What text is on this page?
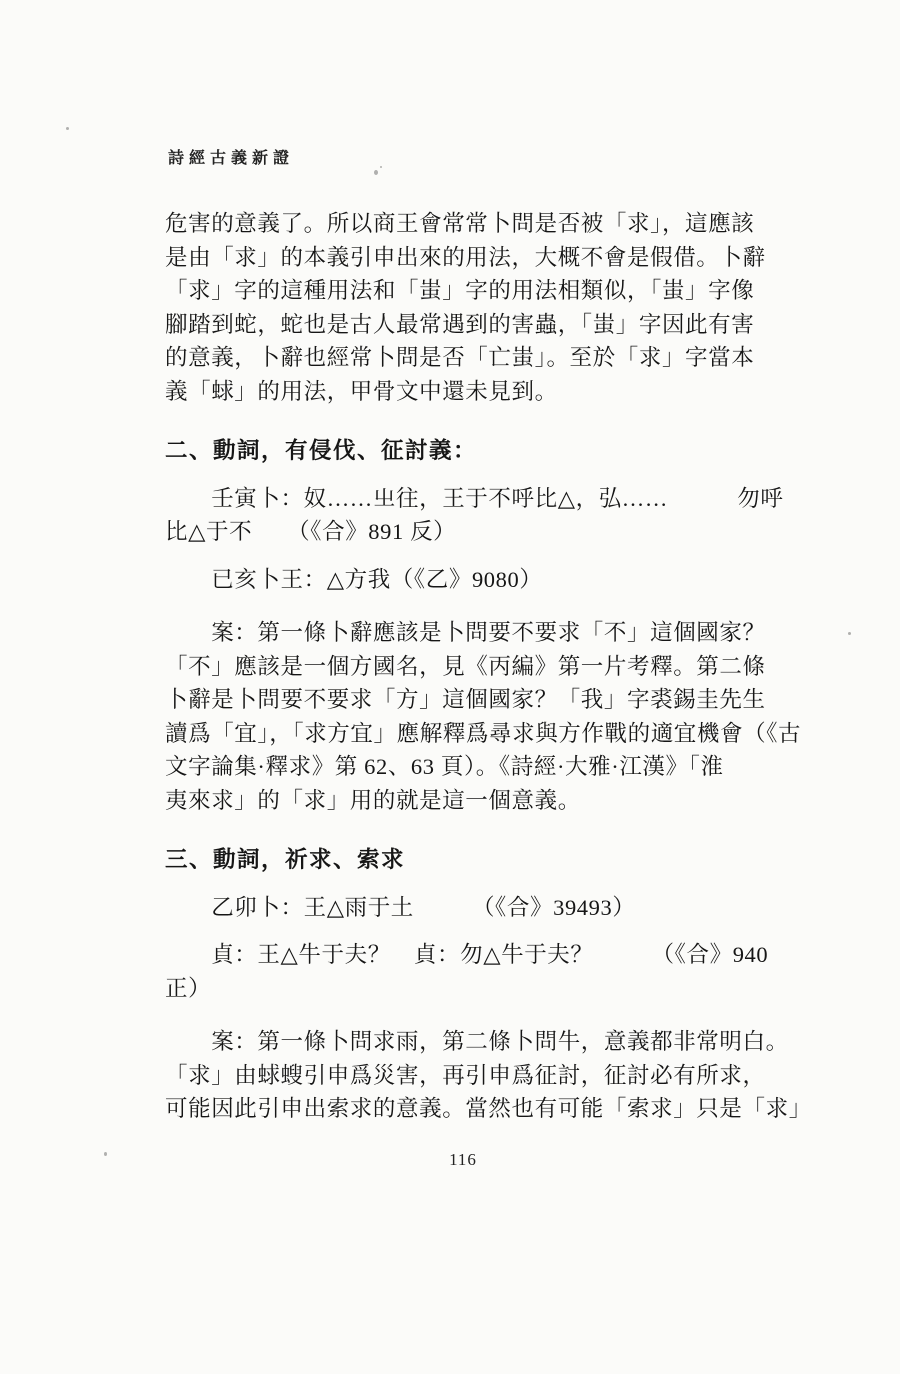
詩經古義新證
危害的意義了。所以商王會常常卜問是否被「求」，這應該
是由「求」的本義引申出來的用法，大概不會是假借。卜辭
「求」字的這種用法和「蚩」字的用法相類似，「蚩」字像
腳踏到蛇，蛇也是古人最常遇到的害蟲，「蚩」字因此有害
的意義，卜辭也經常卜問是否「亡蚩」。至於「求」字當本
義「蛷」的用法，甲骨文中還未見到。
二、動詞，有侵伐、征討義：
　　壬寅卜：奴……㞢往，王于不呼比△，弘……　　　勿呼
比△于不　　（《合》891 反）
　　已亥卜王：△方我（《乙》9080）
　　案：第一條卜辭應該是卜問要不要求「不」這個國家？
「不」應該是一個方國名，見《丙編》第一片考釋。第二條
卜辭是卜問要不要求「方」這個國家？「我」字裘錫圭先生
讀爲「宜」，「求方宜」應解釋爲尋求與方作戰的適宜機會（《古
文字論集·釋求》第 62、63 頁）。《詩經·大雅·江漢》「淮
夷來求」的「求」用的就是這一個意義。
三、動詞，祈求、索求
　　乙卯卜：王△雨于土　　　（《合》39493）
　　貞：王△牛于夫？　貞：勿△牛于夫？　　　（《合》940
正）
　　案：第一條卜問求雨，第二條卜問牛，意義都非常明白。
「求」由蛷螋引申爲災害，再引申爲征討，征討必有所求，
可能因此引申出索求的意義。當然也有可能「索求」只是「求」
116
